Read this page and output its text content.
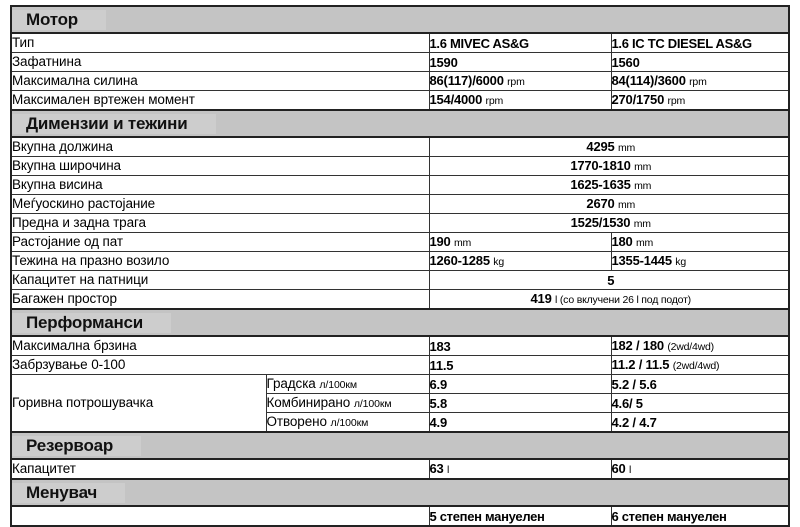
Мотор			
Тип		1.6 MIVEC AS&G	1.6 IC TC DIESEL AS&G
Зафатнина		1590	1560
Максимална силина		86(117)/6000 rpm	84(114)/3600 rpm
Максимален вртежен момент		154/4000 rpm	270/1750 rpm
Димензии и тежини			
Вкупна должина		4295 mm	
Вкупна широчина		1770-1810 mm	
Вкупна висина		1625-1635 mm	
Меѓуоскино растојание		2670 mm	
Предна и задна трага		1525/1530 mm	
Растојание од пат		190 mm	180 mm
Тежина на празно возило		1260-1285 kg	1355-1445 kg
Капацитет на патници		5	
Багажен простор		419 l (со вклучени 26 l под подот)	
Перформанси			
Максимална брзина		183	182 / 180 (2wd/4wd)
Забрзување 0-100		11.5	11.2 / 11.5 (2wd/4wd)
Горивна потрошувачка	Градска л/100км	6.9	5.2 / 5.6
	Комбинирано л/100км	5.8	4.6/ 5
	Отворено л/100км	4.9	4.2 / 4.7
Резервоар			
Капацитет		63 l	60 l
Менувач			
		5 степен мануелен	6 степен мануелен
